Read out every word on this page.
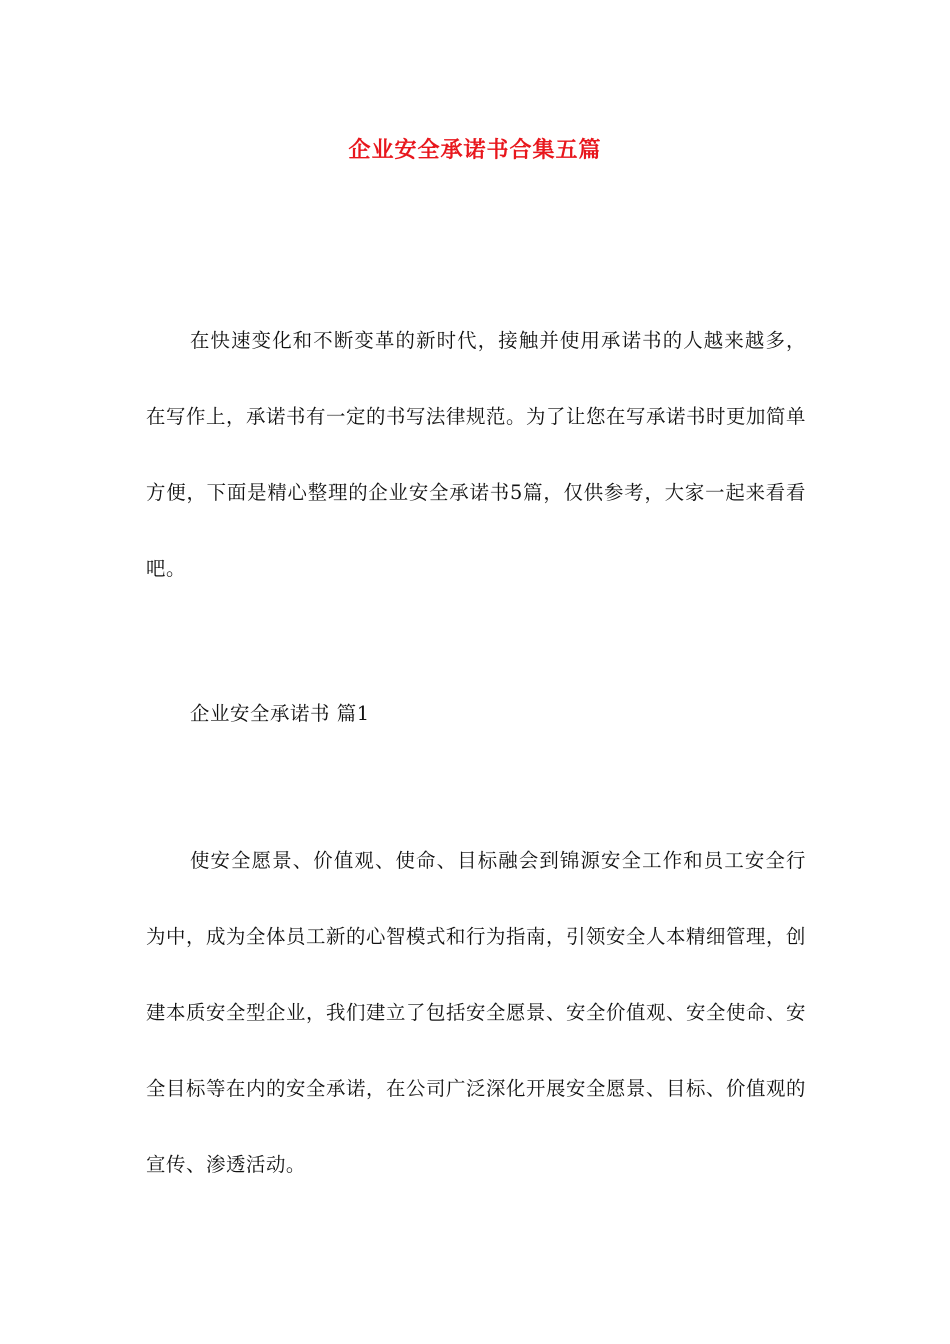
企业安全承诺书合集五篇

在快速变化和不断变革的新时代，接触并使用承诺书的人越来越多，在写作上，承诺书有一定的书写法律规范。为了让您在写承诺书时更加简单方便，下面是精心整理的企业安全承诺书5篇，仅供参考，大家一起来看看吧。

企业安全承诺书 篇1

使安全愿景、价值观、使命、目标融会到锦源安全工作和员工安全行为中，成为全体员工新的心智模式和行为指南，引领安全人本精细管理，创建本质安全型企业，我们建立了包括安全愿景、安全价值观、安全使命、安全目标等在内的安全承诺，在公司广泛深化开展安全愿景、目标、价值观的宣传、渗透活动。
